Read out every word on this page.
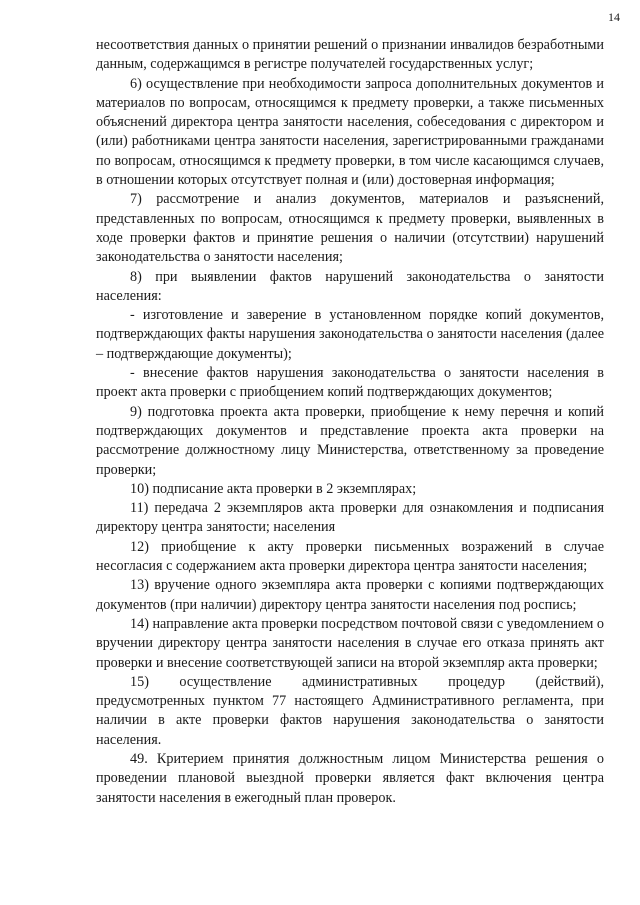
14

несоответствия данных о принятии решений о признании инвалидов безработными данным, содержащимся в регистре получателей государственных услуг;

6) осуществление при необходимости запроса дополнительных документов и материалов по вопросам, относящимся к предмету проверки, а также письменных объяснений директора центра занятости населения, собеседования с директором и (или) работниками центра занятости населения, зарегистрированными гражданами по вопросам, относящимся к предмету проверки, в том числе касающимся случаев, в отношении которых отсутствует полная и (или) достоверная информация;

7) рассмотрение и анализ документов, материалов и разъяснений, представленных по вопросам, относящимся к предмету проверки, выявленных в ходе проверки фактов и принятие решения о наличии (отсутствии) нарушений законодательства о занятости населения;

8) при выявлении фактов нарушений законодательства о занятости населения:

- изготовление и заверение в установленном порядке копий документов, подтверждающих факты нарушения законодательства о занятости населения (далее – подтверждающие документы);

- внесение фактов нарушения законодательства о занятости населения в проект акта проверки с приобщением копий подтверждающих документов;

9) подготовка проекта акта проверки, приобщение к нему перечня и копий подтверждающих документов и представление проекта акта проверки на рассмотрение должностному лицу Министерства, ответственному за проведение проверки;

10) подписание акта проверки в 2 экземплярах;

11) передача 2 экземпляров акта проверки для ознакомления и подписания директору центра занятости; населения

12) приобщение к акту проверки письменных возражений в случае несогласия с содержанием акта проверки директора центра занятости населения;

13) вручение одного экземпляра акта проверки с копиями подтверждающих документов (при наличии) директору центра занятости населения под роспись;

14) направление акта проверки посредством почтовой связи с уведомлением о вручении директору центра занятости населения в случае его отказа принять акт проверки и внесение соответствующей записи на второй экземпляр акта проверки;

15) осуществление административных процедур (действий), предусмотренных пунктом 77 настоящего Административного регламента, при наличии в акте проверки фактов нарушения законодательства о занятости населения.

49. Критерием принятия должностным лицом Министерства решения о проведении плановой выездной проверки является факт включения центра занятости населения в ежегодный план проверок.
